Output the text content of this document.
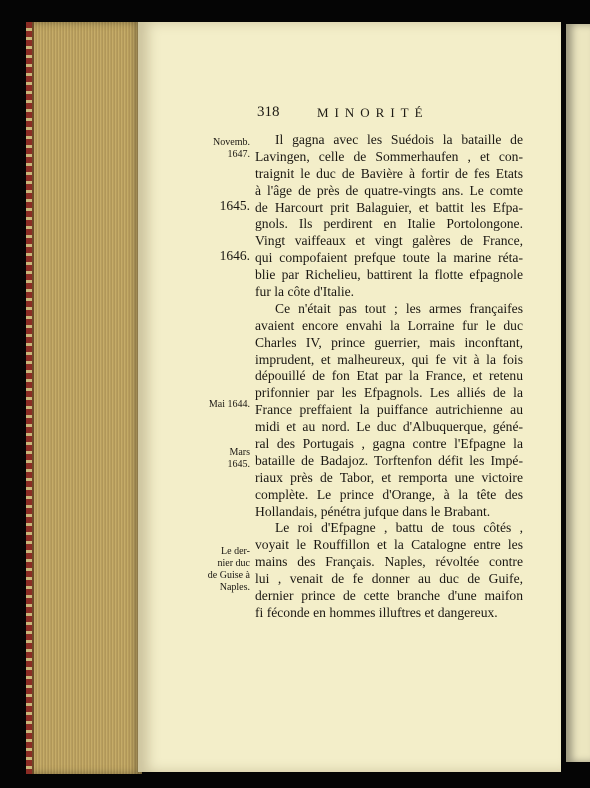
318	MINORITÉ
Novemb.
1647.
1645.
1646.
Mai 1644.
Mars
1645.
Le der-
nier duc
de Guise à
Naples.
Il gagna avec les Suédois la bataille de
Lavingen, celle de Sommerhaufen , et con-
traignit le duc de Bavière à fortir de fes Etats
à l'âge de près de quatre-vingts ans. Le comte
de Harcourt prit Balaguier, et battit les Efpa-
gnols. Ils perdirent en Italie Portolongone.
Vingt vaiffeaux et vingt galères de France,
qui compofaient prefque toute la marine réta-
blie par Richelieu, battirent la flotte efpagnole
fur la côte d'Italie.
Ce n'était pas tout ; les armes françaifes
avaient encore envahi la Lorraine fur le duc
Charles IV, prince guerrier, mais inconftant,
imprudent, et malheureux, qui fe vit à la fois
dépouillé de fon Etat par la France, et retenu
prifonnier par les Efpagnols. Les alliés de la
France preffaient la puiffance autrichienne au
midi et au nord. Le duc d'Albuquerque, géné-
ral des Portugais , gagna contre l'Efpagne la
bataille de Badajoz. Torftenfon défit les Impé-
riaux près de Tabor, et remporta une victoire
complète. Le prince d'Orange, à la tête des
Hollandais, pénétra jufque dans le Brabant.
Le roi d'Efpagne , battu de tous côtés ,
voyait le Rouffillon et la Catalogne entre les
mains des Français. Naples, révoltée contre
lui , venait de fe donner au duc de Guife,
dernier prince de cette branche d'une maifon
fi féconde en hommes illuftres et dangereux.
